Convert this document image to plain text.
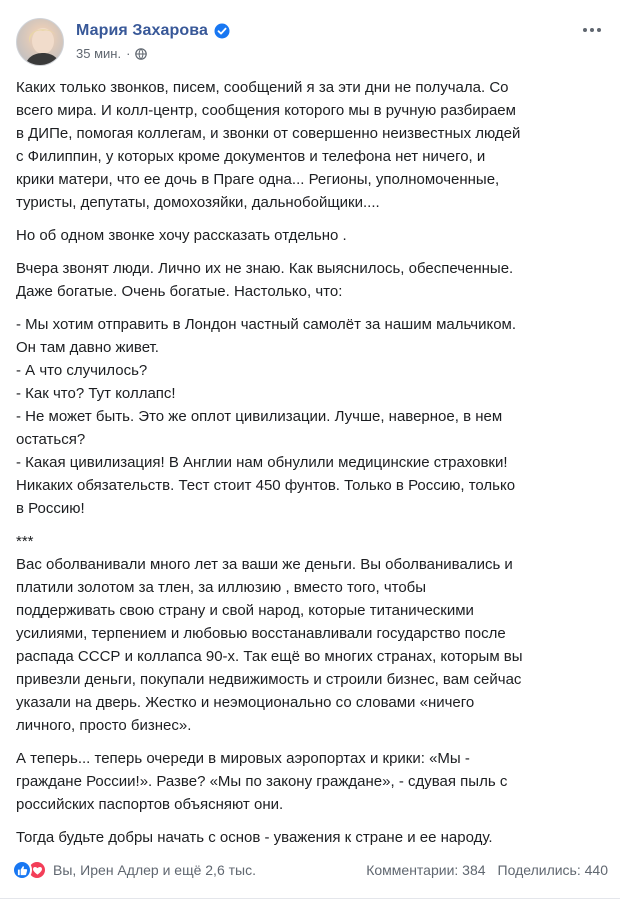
Мария Захарова
35 мин. ·
Каких только звонков, писем, сообщений я за эти дни не получала. Со
всего мира. И колл-центр, сообщения которого мы в ручную разбираем
в ДИПе, помогая коллегам, и звонки от совершенно неизвестных людей
с Филиппин, у которых кроме документов и телефона нет ничего, и
крики матери, что ее дочь в Праге одна... Регионы, уполномоченные,
туристы, депутаты, домохозяйки, дальнобойщики....
Но об одном звонке хочу рассказать отдельно .
Вчера звонят люди. Лично их не знаю. Как выяснилось, обеспеченные.
Даже богатые. Очень богатые. Настолько, что:
- Мы хотим отправить в Лондон частный самолёт за нашим мальчиком.
Он там давно живет.
- А что случилось?
- Как что? Тут коллапс!
- Не может быть. Это же оплот цивилизации. Лучше, наверное, в нем
остаться?
- Какая цивилизация! В Англии нам обнулили медицинские страховки!
Никаких обязательств. Тест стоит 450 фунтов. Только в Россию, только
в Россию!
***
Вас оболванивали много лет за ваши же деньги. Вы оболванивались и
платили золотом за тлен, за иллюзию , вместо того, чтобы
поддерживать свою страну и свой народ, которые титаническими
усилиями, терпением и любовью восстанавливали государство после
распада СССР и коллапса 90-х. Так ещё во многих странах, которым вы
привезли деньги, покупали недвижимость и строили бизнес, вам сейчас
указали на дверь. Жестко и неэмоционально со словами «ничего
личного, просто бизнес».
А теперь... теперь очереди в мировых аэропортах и крики: «Мы -
граждане России!». Разве? «Мы по закону граждане», - сдувая пыль с
российских паспортов объясняют они.
Тогда будьте добры начать с основ - уважения к стране и ее народу.
Вы, Ирен Адлер и ещё 2,6 тыс.	Комментарии: 384 Поделились: 440
